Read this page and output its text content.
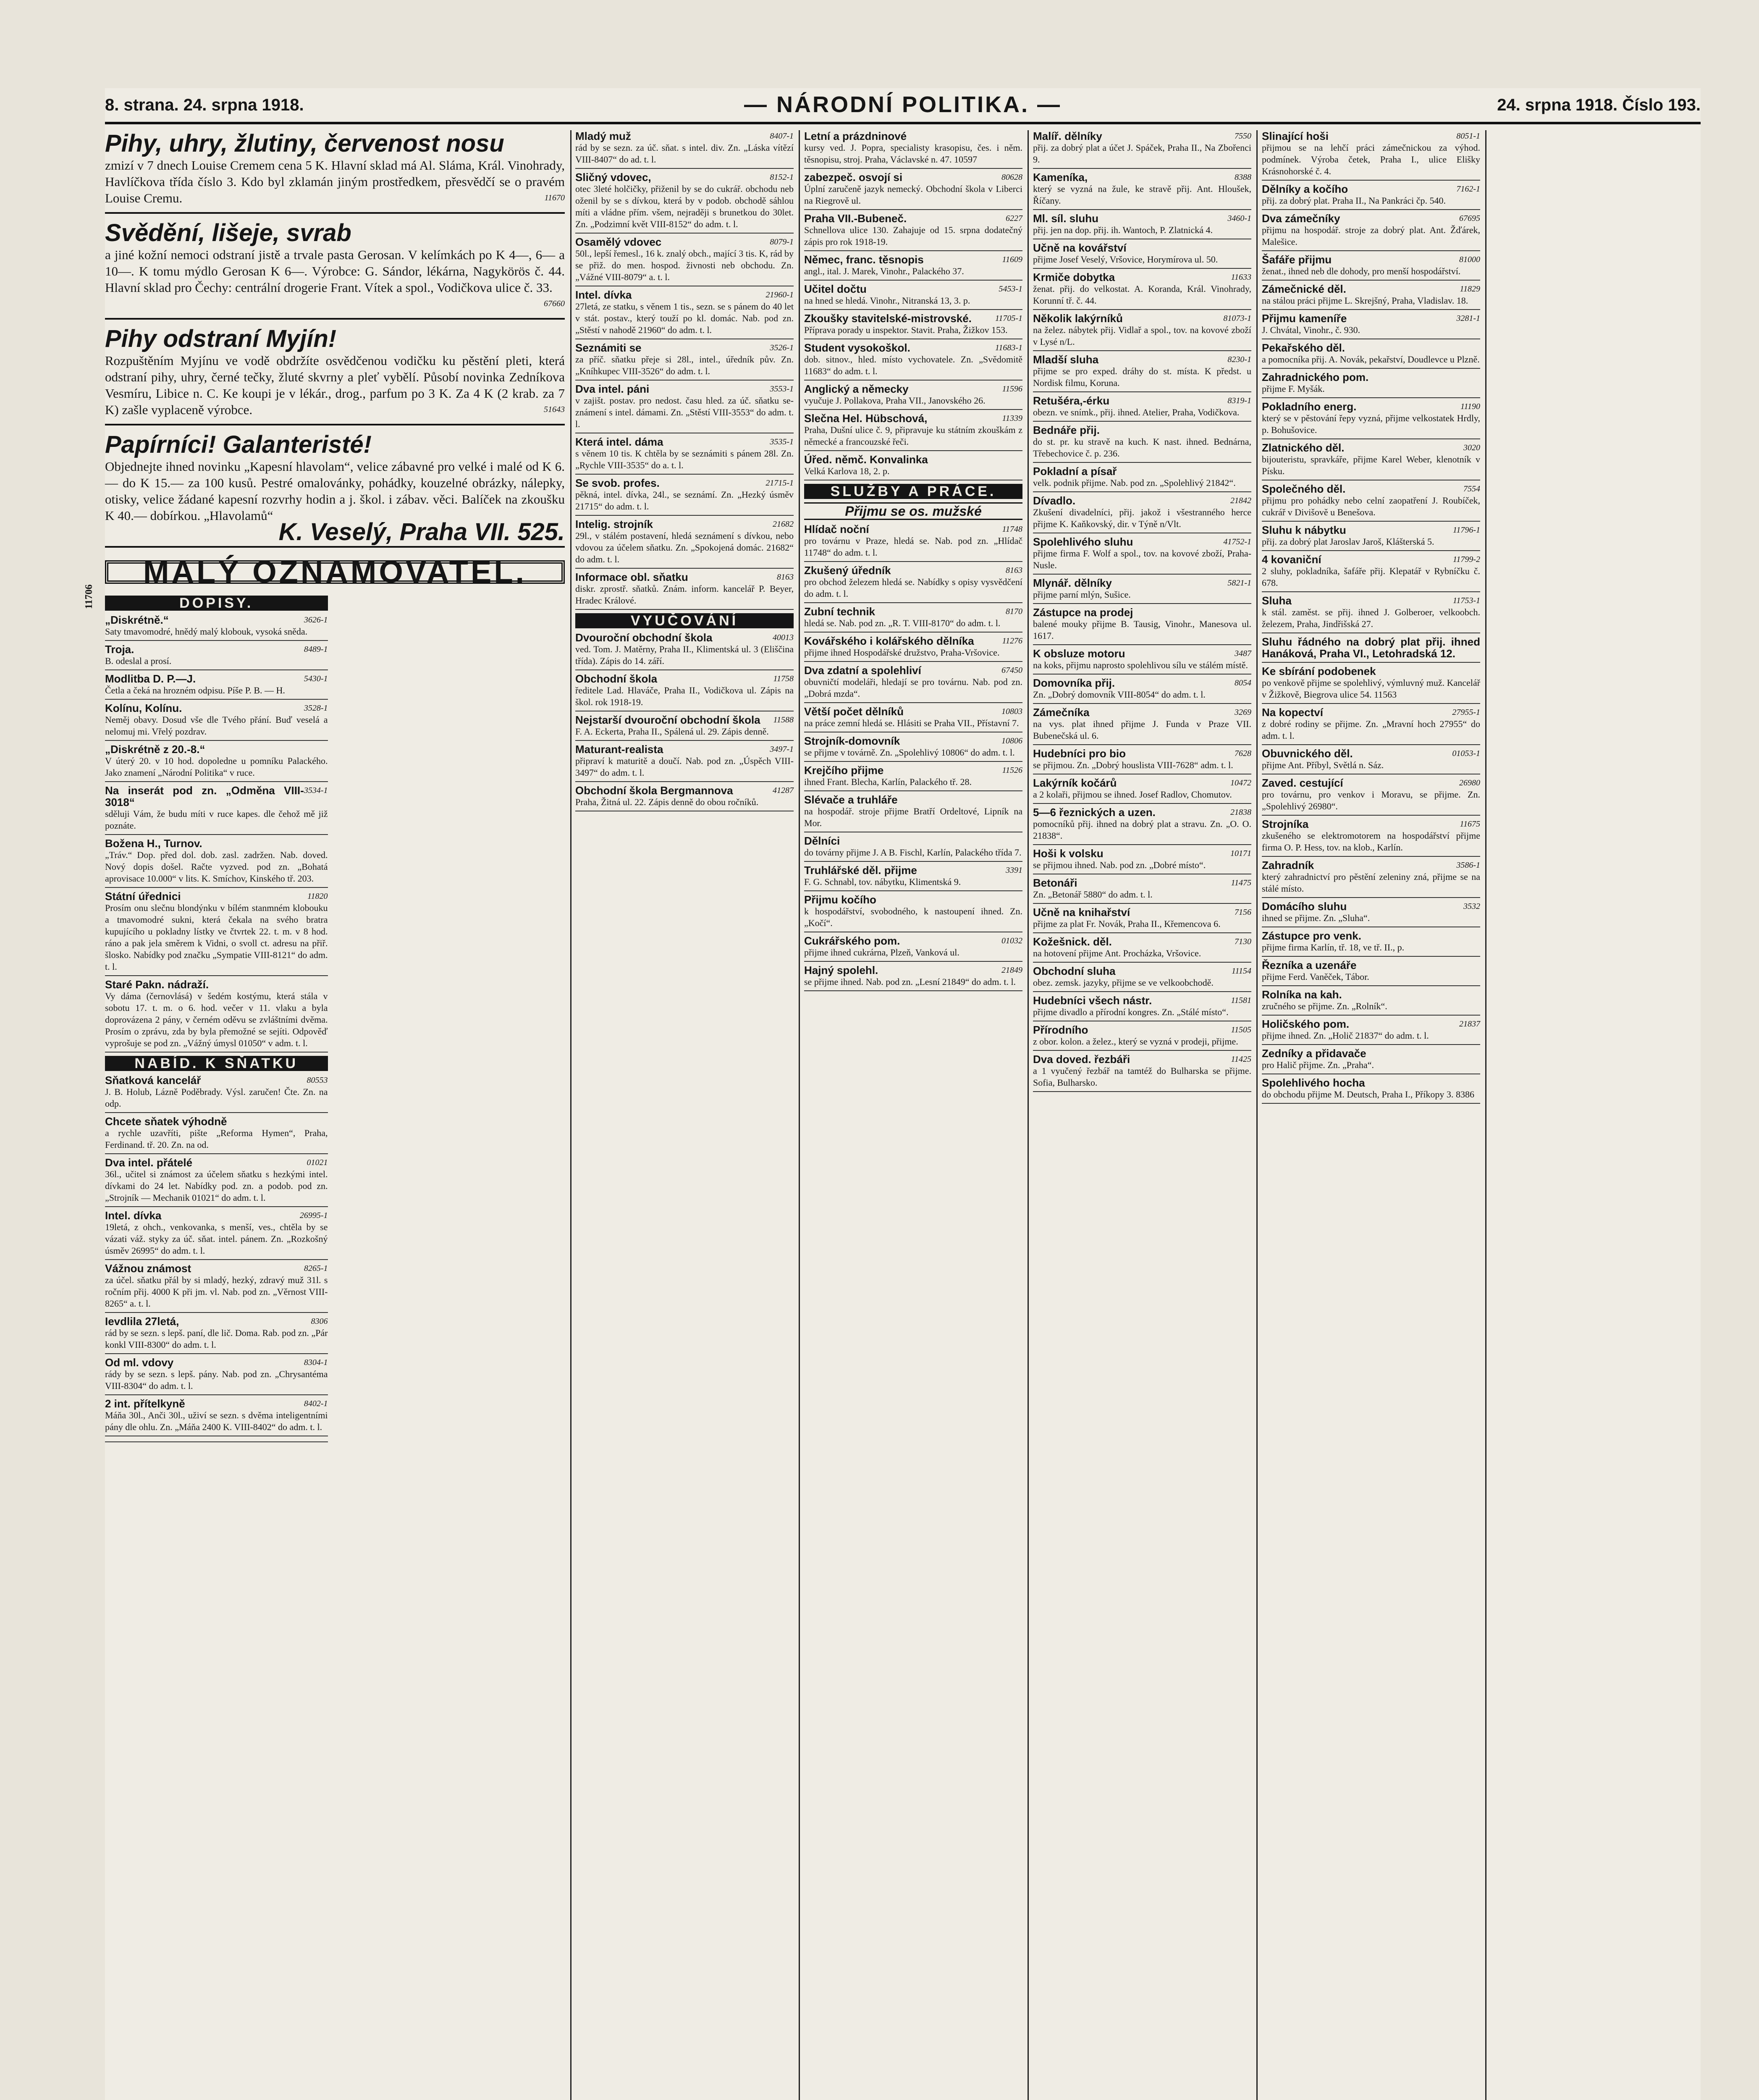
8. strana. 24. srpna 1918.	— NÁRODNÍ POLITIKA. —	24. srpna 1918. Číslo 193.
11706
Pihy, uhry, žlutiny, červenost nosu
zmizí v 7 dnech Louise Cremem cena 5 K. Hlavní sklad má Al. Sláma, Král. Vinohrady, Havlíčkova třída číslo 3. Kdo byl zklamán jiným prostředkem, přesvědčí se o pravém Louise Cremu.	11670
Svědění, lišeje, svrab
a jiné kožní nemoci odstraní jistě a trvale pasta Gerosan. V kelímkách po K 4—, 6— a 10—. K tomu mýdlo Gerosan K 6—. Výrobce: G. Sándor, lékárna, Nagykörös č. 44. Hlavní sklad pro Čechy: centrální drogerie Frant. Vítek a spol., Vodičkova ulice č. 33.
67660
Pihy odstraní Myjín!
Rozpuštěním Myjínu ve vodě obdržíte osvědčenou vodičku ku pěstění pleti, která odstraní pihy, uhry, černé tečky, žluté skvrny a pleť vybělí. Působí novinka Zedníkova Vesmíru, Libice n. C. Ke koupi je v lékár., drog., parfum po 3 K. Za 4 K (2 krab. za 7 K) zašle vyplaceně výrobce.	51643
Papírníci! Galanteristé!
Objednejte ihned novinku „Kapesní hlavolam“, velice zábavné pro velké i malé od K 6.— do K 15.— za 100 kusů. Pestré omalovánky, pohádky, kouzelné obrázky, nálepky, otisky, velice žádané kapesní rozvrhy hodin a j. škol. i zábav. věci. Balíček na zkoušku K 40.— dobírkou. „Hlavolamů“
K. Veselý, Praha VII. 525.
MALÝ OZNAMOVATEL.
DOPISY.
3626-1
„Diskrétně.“
Saty tmavomodré, hnědý malý klobouk, vysoká sněda.
8489-1
Troja.
B. odeslal a prosí.
5430-1
Modlitba D. P.—J.
Četla a čeká na hrozném odpisu. Píše P. B. — H.
3528-1
Kolínu, Kolínu.
Neměj obavy. Dosud vše dle Tvého přání. Buď veselá a nelomuj mi. Vřelý pozdrav.
„Diskrétně z 20.-8.“
V úterý 20. v 10 hod. dopoledne u pomníku Palackého. Jako znamení „Národní Politika“ v ruce.
3534-1
Na inserát pod zn. „Odměna VIII-3018“
sděluji Vám, že budu míti v ruce kapes. dle čehož mě již poznáte.
Božena H., Turnov.
„Tráv.“ Dop. před dol. dob. zasl. zadržen. Nab. doved. Nový dopis došel. Račte vyzved. pod zn. „Bohatá aprovisace 10.000“ v lits. K. Smíchov, Kinského tř. 203.
11820
Státní úřednici
Prosím onu slečnu blondýnku v bílém stanmném klobouku a tmavomodré sukni, která čekala na svého bratra kupujícího u pokladny lístky ve čtvrtek 22. t. m. v 8 hod. ráno a pak jela směrem k Vidni, o svoll ct. adresu na přiř. šlosko. Nabídky pod značku „Sympatie VIII-8121“ do adm. t. l.
Staré Pakn. nádraží.
Vy dáma (černovlásá) v šedém kostýmu, která stála v sobotu 17. t. m. o 6. hod. večer v 11. vlaku a byla doprovázena 2 pány, v černém oděvu se zvláštními dvěma. Prosím o zprávu, zda by byla přemožné se sejíti. Odpověď vyprošuje se pod zn. „Vážný úmysl 01050“ v adm. t. l.
NABÍD. K SŇATKU
80553
Sňatková kancelář
J. B. Holub, Lázně Poděbrady. Výsl. zaručen! Čte. Zn. na odp.
Chcete sňatek výhodně
a rychle uzavříti, pište „Reforma Hymen“, Praha, Ferdinand. tř. 20. Zn. na od.
01021
Dva intel. přátelé
36l., učitel si známost za účelem sňatku s hezkými intel. dívkami do 24 let. Nabídky pod. zn. a podob. pod zn. „Strojník — Mechanik 01021“ do adm. t. l.
26995-1
Intel. dívka
19letá, z ohch., venkovanka, s menší, ves., chtěla by se vázati váž. styky za úč. sňat. intel. pánem. Zn. „Rozkošný úsměv 26995“ do adm. t. l.
8265-1
Vážnou známost
za účel. sňatku přál by si mladý, hezký, zdravý muž 31l. s ročním přij. 4000 K při jm. vl. Nab. pod zn. „Věrnost VIII-8265“ a. t. l.
8306
Ievdlila 27letá,
rád by se sezn. s lepš. paní, dle lič. Doma. Rab. pod zn. „Pár konkl VIII-8300“ do adm. t. l.
8304-1
Od ml. vdovy
rády by se sezn. s lepš. pány. Nab. pod zn. „Chrysantéma VIII-8304“ do adm. t. l.
8402-1
2 int. přítelkyně
Máňa 30l., Anči 30l., uživí se sezn. s dvěma inteligentními pány dle ohlu. Zn. „Máňa 2400 K. VIII-8402“ do adm. t. l.
8407-1
Mladý muž
rád by se sezn. za úč. sňat. s intel. div. Zn. „Láska vítězí VIII-8407“ do ad. t. l.
8152-1
Sličný vdovec,
otec 3leté holčičky, přiženil by se do cukrář. obchodu neb oženil by se s dívkou, která by v podob. obchodě sáhlou míti a vládne přím. všem, nejraději s brunetkou do 30let. Zn. „Podzimní květ VIII-8152“ do adm. t. l.
8079-1
Osamělý vdovec
50l., lepší řemesl., 16 k. znalý obch., mající 3 tis. K, rád by se přiž. do men. hospod. živnosti neb obchodu. Zn. „Vážné VIII-8079“ a. t. l.
21960-1
Intel. dívka
27letá, ze statku, s věnem 1 tis., sezn. se s pánem do 40 let v stát. postav., který touží po kl. domác. Nab. pod zn. „Stěstí v nahodě 21960“ do adm. t. l.
3526-1
Seznámiti se
za příč. sňatku přeje si 28l., intel., úředník pův. Zn. „Kníhkupec VIII-3526“ do adm. t. l.
3553-1
Dva intel. páni
v zajišt. postav. pro nedost. času hled. za úč. sňatku se-známení s intel. dámami. Zn. „Stěstí VIII-3553“ do adm. t. l.
3535-1
Která intel. dáma
s věnem 10 tis. K chtěla by se seznámiti s pánem 28l. Zn. „Rychle VIII-3535“ do a. t. l.
21715-1
Se svob. profes.
pěkná, intel. dívka, 24l., se seznámí. Zn. „Hezký úsměv 21715“ do adm. t. l.
21682
Intelig. strojník
29l., v stálém postavení, hledá seznámení s dívkou, nebo vdovou za účelem sňatku. Zn. „Spokojená domác. 21682“ do adm. t. l.
8163
Informace obl. sňatku
diskr. zprostř. sňatků. Znám. inform. kancelář P. Beyer, Hradec Králové.
VYUČOVÁNÍ
40013
Dvouroční obchodní škola
ved. Tom. J. Matěrny, Praha II., Klimentská ul. 3 (Eliščina třída). Zápis do 14. září.
11758
Obchodní škola
ředitele Lad. Hlaváče, Praha II., Vodičkova ul. Zápis na škol. rok 1918-19.
11588
Nejstarší dvouroční obchodní škola
F. A. Eckerta, Praha II., Spálená ul. 29. Zápis denně.
3497-1
Maturant-realista
připraví k maturitě a doučí. Nab. pod zn. „Úspěch VIII-3497“ do adm. t. l.
41287
Obchodní škola Bergmannova
Praha, Žitná ul. 22. Zápis denně do obou ročníků.
Letní a prázdninové
kursy ved. J. Popra, specialisty krasopisu, čes. i něm. těsnopisu, stroj. Praha, Václavské n. 47. 10597
80628
zabezpeč. osvojí si
Úplní zaručeně jazyk nemecký. Obchodní škola v Liberci na Riegrově ul.
6227
Praha VII.-Bubeneč.
Schnellova ulice 130. Zahajuje od 15. srpna dodatečný zápis pro rok 1918-19.
11609
Němec, franc. těsnopis
angl., ital. J. Marek, Vinohr., Palackého 37.
5453-1
Učitel dočtu
na hned se hledá. Vinohr., Nitranská 13, 3. p.
11705-1
Zkoušky stavitelské-mistrovské.
Příprava porady u inspektor. Stavit. Praha, Žižkov 153.
11683-1
Student vysokoškol.
dob. sitnov., hled. místo vychovatele. Zn. „Svědomitě 11683“ do adm. t. l.
11596
Anglický a německy
vyučuje J. Pollakova, Praha VII., Janovského 26.
11339
Slečna Hel. Hübschová,
Praha, Dušní ulice č. 9, připravuje ku státním zkouškám z německé a francouzské řeči.
Úřed. němč. Konvalinka
Velká Karlova 18, 2. p.
SLUŽBY A PRÁCE.
Přijmu se os. mužské
11748
Hlídač noční
pro továrnu v Praze, hledá se. Nab. pod zn. „Hlídač 11748“ do adm. t. l.
8163
Zkušený úředník
pro obchod železem hledá se. Nabídky s opisy vysvědčení do adm. t. l.
8170
Zubní technik
hledá se. Nab. pod zn. „R. T. VIII-8170“ do adm. t. l.
11276
Kovářského i kolářského dělníka
přijme ihned Hospodářské družstvo, Praha-Vršovice.
67450
Dva zdatní a spolehliví
obuvničtí modeláři, hledají se pro továrnu. Nab. pod zn. „Dobrá mzda“.
10803
Větší počet dělníků
na práce zemní hledá se. Hlásiti se Praha VII., Přístavní 7.
10806
Strojník-domovník
se přijme v továrně. Zn. „Spolehlivý 10806“ do adm. t. l.
11526
Krejčího přijme
ihned Frant. Blecha, Karlín, Palackého tř. 28.
Slévače a truhláře
na hospodář. stroje přijme Bratří Ordeltové, Lipník na Mor.
Dělníci
do továrny přijme J. A B. Fischl, Karlín, Palackého třída 7.
3391
Truhlářské děl. přijme
F. G. Schnabl, tov. nábytku, Klimentská 9.
Přijmu kočího
k hospodářství, svobodného, k nastoupení ihned. Zn. „Kočí“.
01032
Cukrářského pom.
přijme ihned cukrárna, Plzeň, Vanková ul.
21849
Hajný spolehl.
se přijme ihned. Nab. pod zn. „Lesní 21849“ do adm. t. l.
7550
Malíř. dělníky
přij. za dobrý plat a účet J. Spáček, Praha II., Na Zbořenci 9.
8388
Kameníka,
který se vyzná na žule, ke stravě přij. Ant. Hloušek, Říčany.
3460-1
Ml. síl. sluhu
přij. jen na dop. přij. ih. Wantoch, P. Zlatnická 4.
Učně na kovářství
přijme Josef Veselý, Vršovice, Horymírova ul. 50.
11633
Krmiče dobytka
ženat. přij. do velkostat. A. Koranda, Král. Vinohrady, Korunní tř. č. 44.
81073-1
Několik lakýrníků
na želez. nábytek přij. Vidlař a spol., tov. na kovové zboží v Lysé n/L.
8230-1
Mladší sluha
přijme se pro exped. dráhy do st. místa. K předst. u Nordisk filmu, Koruna.
8319-1
Retušéra,-érku
obezn. ve snímk., přij. ihned. Atelier, Praha, Vodičkova.
Bednáře přij.
do st. pr. ku stravě na kuch. K nast. ihned. Bednárna, Třebechovice č. p. 236.
Pokladní a písař
velk. podnik přijme. Nab. pod zn. „Spolehlivý 21842“.
21842
Dívadlo.
Zkušení divadelníci, přij. jakož i všestranného herce přijme K. Kaňkovský, dir. v Týně n/Vlt.
41752-1
Spolehlivého sluhu
přijme firma F. Wolf a spol., tov. na kovové zboží, Praha-Nusle.
5821-1
Mlynář. dělníky
přijme parní mlýn, Sušice.
Zástupce na prodej
balené mouky přijme B. Tausig, Vinohr., Manesova ul. 1617.
3487
K obsluze motoru
na koks, přijmu naprosto spolehlivou sílu ve stálém místě.
8054
Domovníka přij.
Zn. „Dobrý domovník VIII-8054“ do adm. t. l.
3269
Zámečníka
na vys. plat ihned přijme J. Funda v Praze VII. Bubenečská ul. 6.
7628
Hudebníci pro bio
se přijmou. Zn. „Dobrý houslista VIII-7628“ adm. t. l.
10472
Lakýrník kočárů
a 2 kolaři, přijmou se ihned. Josef Radlov, Chomutov.
21838
5—6 řeznických a uzen.
pomocníků přij. ihned na dobrý plat a stravu. Zn. „O. O. 21838“.
10171
Hoši k volsku
se přijmou ihned. Nab. pod zn. „Dobré místo“.
11475
Betonáři
Zn. „Betonář 5880“ do adm. t. l.
7156
Učně na knihařství
přijme za plat Fr. Novák, Praha II., Křemencova 6.
7130
Kožešnick. děl.
na hotovení přijme Ant. Procházka, Vršovice.
11154
Obchodní sluha
obez. zemsk. jazyky, přijme se ve velkoobchodě.
11581
Hudebníci všech nástr.
přijme divadlo a přírodní kongres. Zn. „Stálé místo“.
11505
Přírodního
z obor. kolon. a želez., který se vyzná v prodeji, přijme.
11425
Dva doved. řezbáři
a 1 vyučený řezbář na tamtéž do Bulharska se přijme. Sofia, Bulharsko.
8051-1
Slinající hoši
přijmou se na lehčí práci zámečnickou za výhod. podmínek. Výroba četek, Praha I., ulice Elišky Krásnohorské č. 4.
7162-1
Dělníky a kočího
přij. za dobrý plat. Praha II., Na Pankráci čp. 540.
67695
Dva zámečníky
přijmu na hospodář. stroje za dobrý plat. Ant. Žďárek, Malešice.
81000
Šafáře přijmu
ženat., ihned neb dle dohody, pro menší hospodářství.
11829
Zámečnické děl.
na stálou práci přijme L. Skrejšný, Praha, Vladislav. 18.
3281-1
Přijmu kameníře
J. Chvátal, Vinohr., č. 930.
Pekařského děl.
a pomocníka přij. A. Novák, pekařství, Doudlevce u Plzně.
Zahradnického pom.
přijme F. Myšák.
11190
Pokladního energ.
který se v pěstování řepy vyzná, přijme velkostatek Hrdly, p. Bohušovice.
3020
Zlatnického děl.
bijouteristu, spravkáře, přijme Karel Weber, klenotník v Písku.
7554
Společného děl.
přijmu pro pohádky nebo celní zaopatření J. Roubíček, cukrář v Divišově u Benešova.
11796-1
Sluhu k nábytku
přij. za dobrý plat Jaroslav Jaroš, Klášterská 5.
11799-2
4 kovaniční
2 sluhy, pokladníka, šafáře přij. Klepatář v Rybníčku č. 678.
11753-1
Sluha
k stál. zaměst. se přij. ihned J. Golberoer, velkoobch. železem, Praha, Jindřišská 27.
Sluhu řádného na dobrý plat přij. ihned Hanáková, Praha VI., Letohradská 12.
Ke sbírání podobenek
po venkově přijme se spolehlivý, výmluvný muž. Kancelář v Žižkově, Biegrova ulice 54. 11563
27955-1
Na kopectví
z dobré rodiny se přijme. Zn. „Mravní hoch 27955“ do adm. t. l.
01053-1
Obuvnického děl.
přijme Ant. Příbyl, Světlá n. Sáz.
26980
Zaved. cestující
pro továrnu, pro venkov i Moravu, se přijme. Zn. „Spolehlivý 26980“.
11675
Strojníka
zkušeného se elektromotorem na hospodářství přijme firma O. P. Hess, tov. na klob., Karlín.
3586-1
Zahradník
který zahradnictví pro pěstění zeleniny zná, přijme se na stálé místo.
3532
Domácího sluhu
ihned se přijme. Zn. „Sluha“.
Zástupce pro venk.
přijme firma Karlín, tř. 18, ve tř. II., p.
Řezníka a uzenáře
přijme Ferd. Vaněček, Tábor.
Rolníka na kah.
zručného se přijme. Zn. „Rolník“.
21837
Holičského pom.
přijme ihned. Zn. „Holič 21837“ do adm. t. l.
Zedníky a přidavače
pro Halič přijme. Zn. „Praha“.
Spolehlivého hocha
do obchodu přijme M. Deutsch, Praha I., Příkopy 3. 8386
